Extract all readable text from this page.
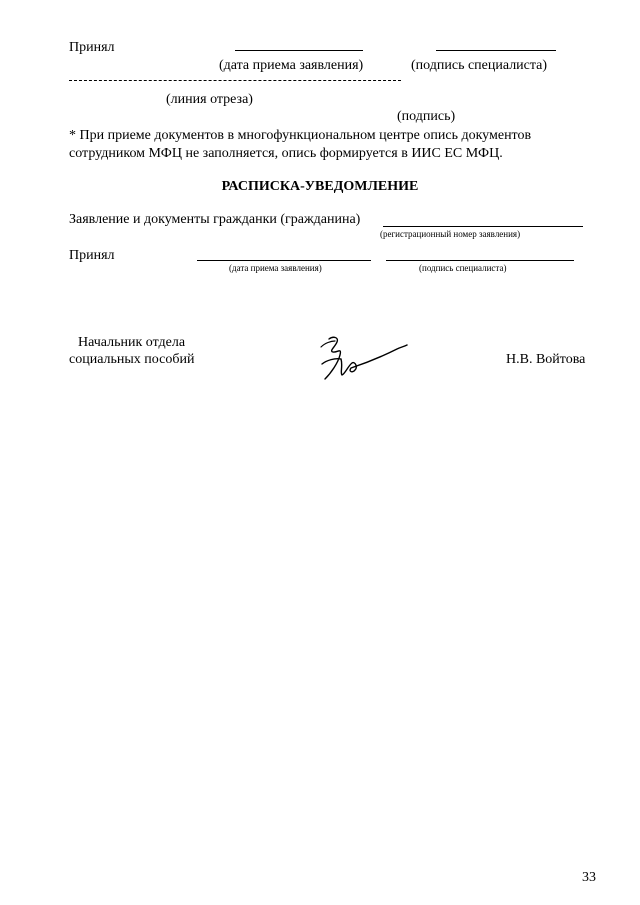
Принял
(дата приема заявления)	(подпись специалиста)
(линия отреза)
(подпись)
* При приеме документов в многофункциональном центре опись документов сотрудником МФЦ не заполняется, опись формируется в ИИС ЕС МФЦ.
РАСПИСКА-УВЕДОМЛЕНИЕ
Заявление и документы гражданки (гражданина)
(регистрационный номер заявления)
Принял
(дата приема заявления)	(подпись специалиста)
Начальник отдела
социальных пособий	Н.В. Войтова
33
